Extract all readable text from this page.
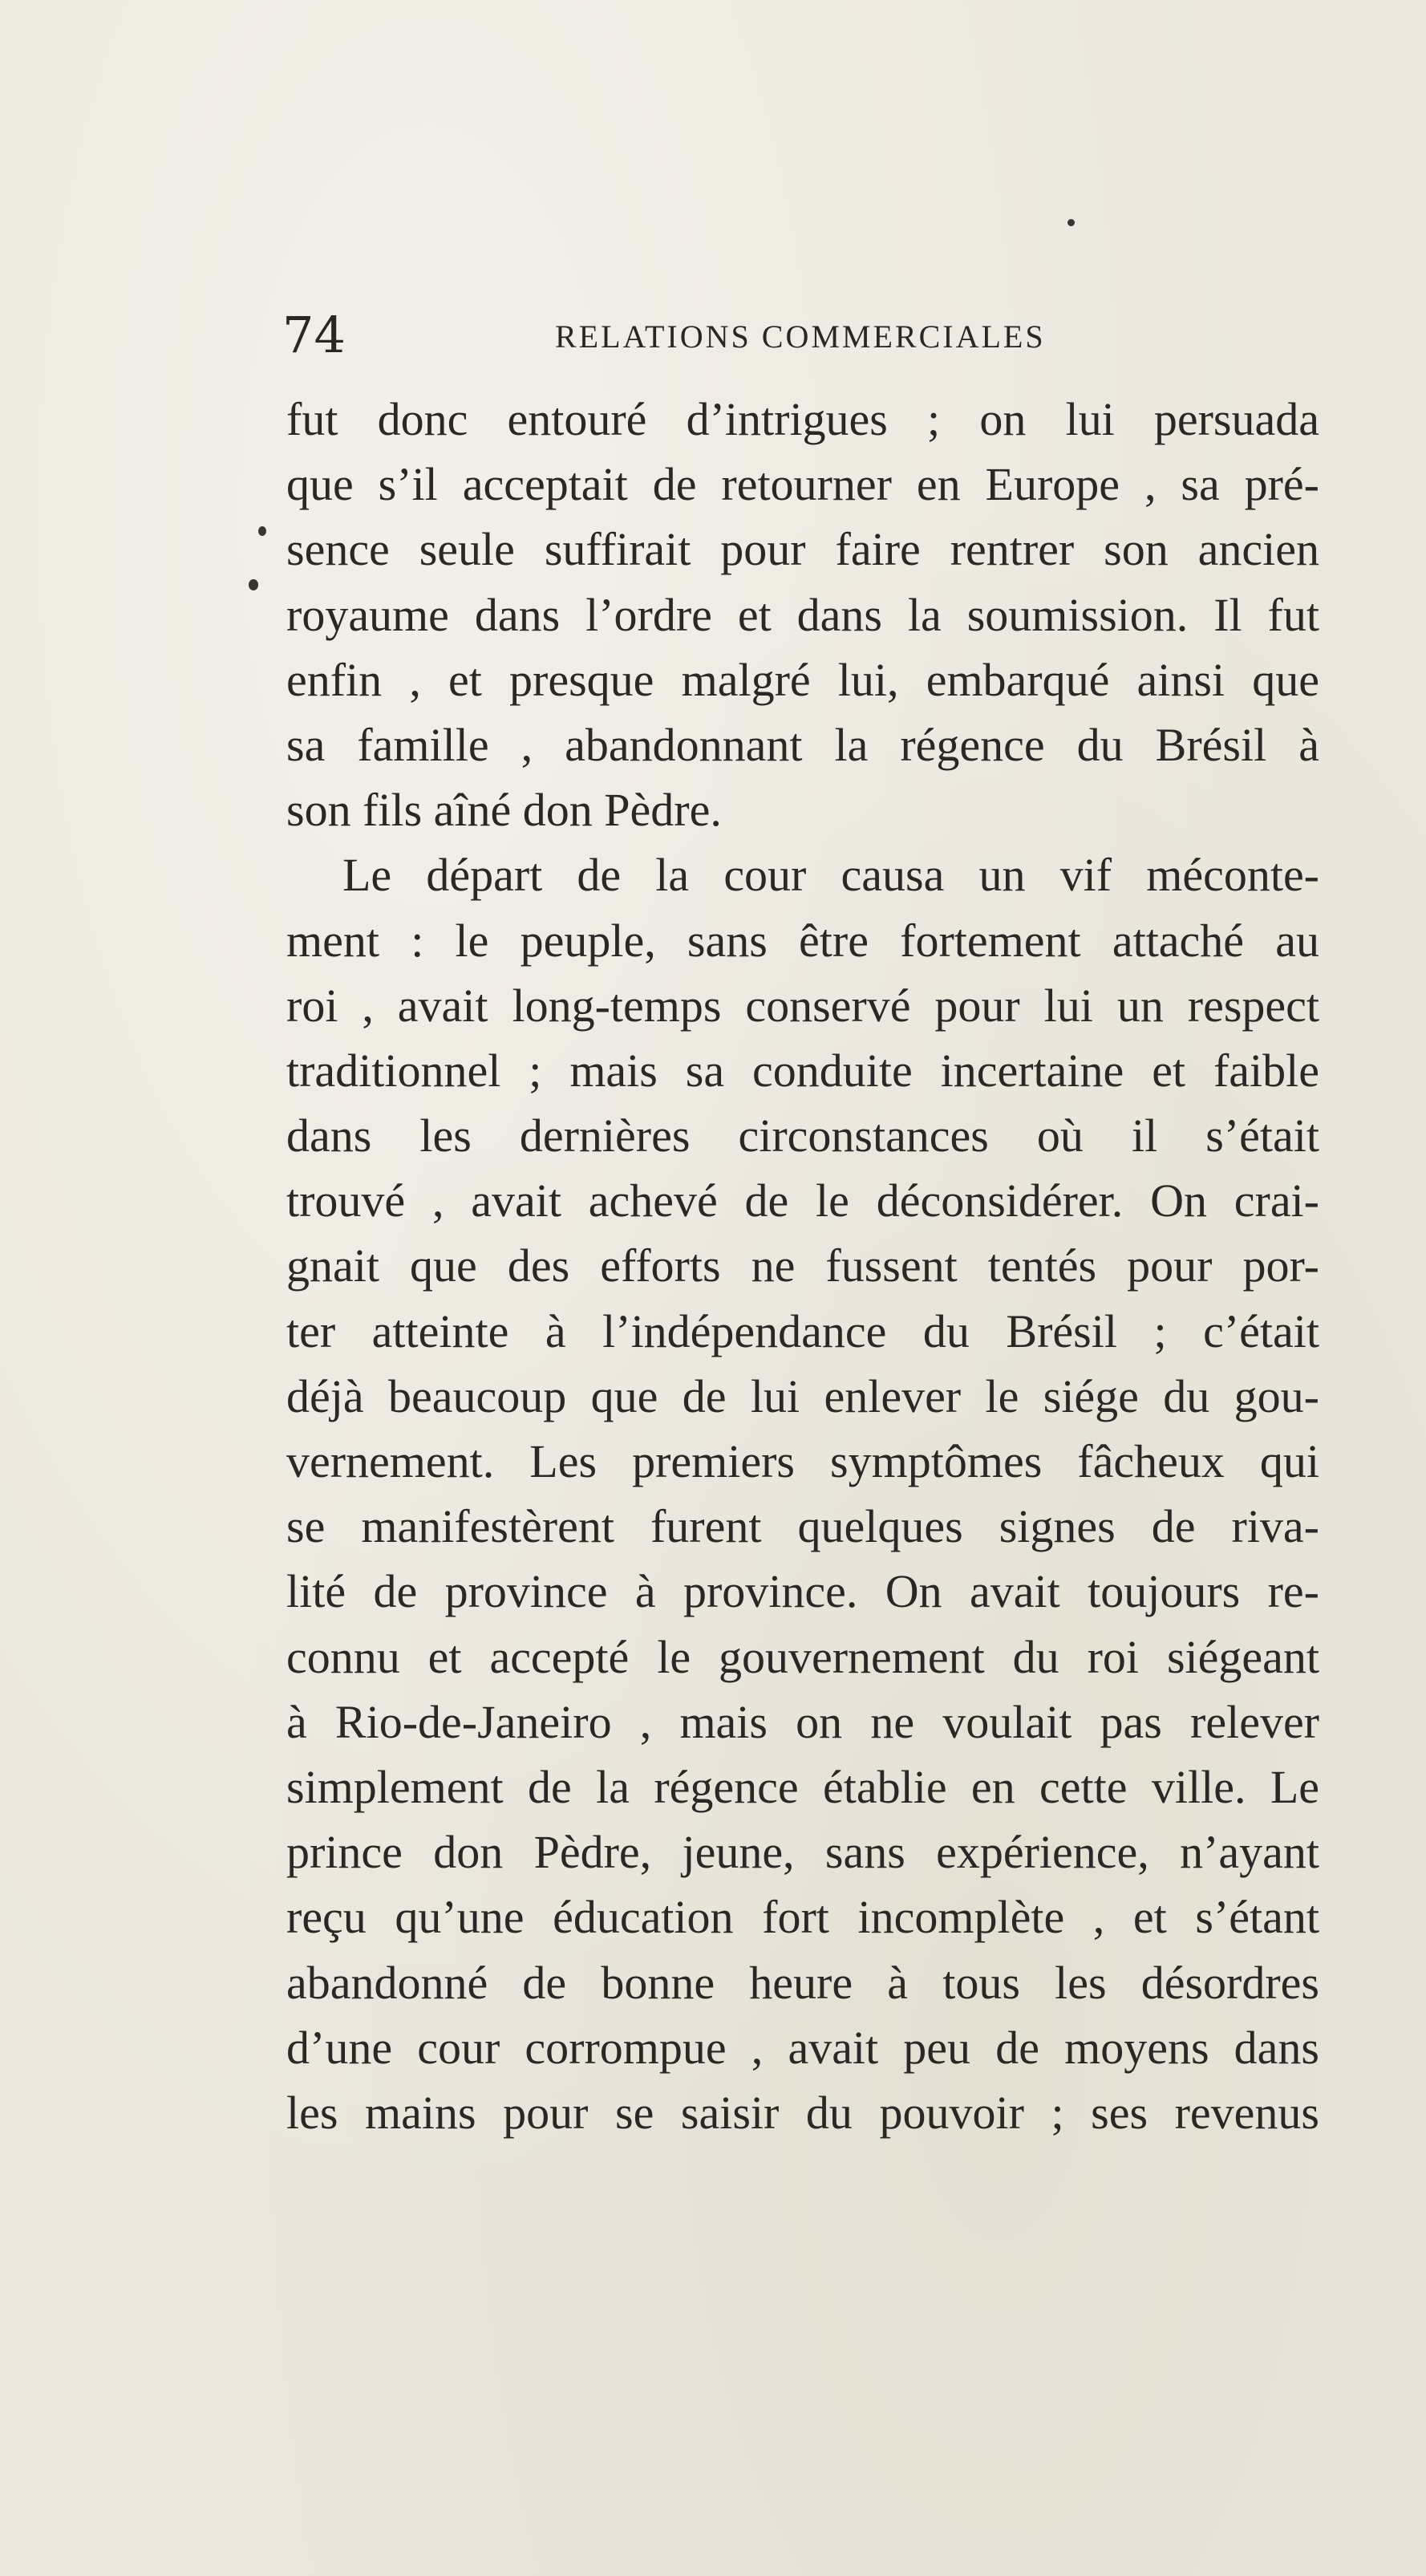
74	RELATIONS COMMERCIALES
fut donc entouré d’intrigues ; on lui persuada
que s’il acceptait de retourner en Europe , sa pré-
sence seule suffirait pour faire rentrer son ancien
royaume dans l’ordre et dans la soumission. Il fut
enfin , et presque malgré lui, embarqué ainsi que
sa famille , abandonnant la régence du Brésil à
son fils aîné don Pèdre.
Le départ de la cour causa un vif méconte-
ment : le peuple, sans être fortement attaché au
roi , avait long-temps conservé pour lui un respect
traditionnel ; mais sa conduite incertaine et faible
dans les dernières circonstances où il s’était
trouvé , avait achevé de le déconsidérer. On crai-
gnait que des efforts ne fussent tentés pour por-
ter atteinte à l’indépendance du Brésil ; c’était
déjà beaucoup que de lui enlever le siége du gou-
vernement. Les premiers symptômes fâcheux qui
se manifestèrent furent quelques signes de riva-
lité de province à province. On avait toujours re-
connu et accepté le gouvernement du roi siégeant
à Rio-de-Janeiro , mais on ne voulait pas relever
simplement de la régence établie en cette ville. Le
prince don Pèdre, jeune, sans expérience, n’ayant
reçu qu’une éducation fort incomplète , et s’étant
abandonné de bonne heure à tous les désordres
d’une cour corrompue , avait peu de moyens dans
les mains pour se saisir du pouvoir ; ses revenus
